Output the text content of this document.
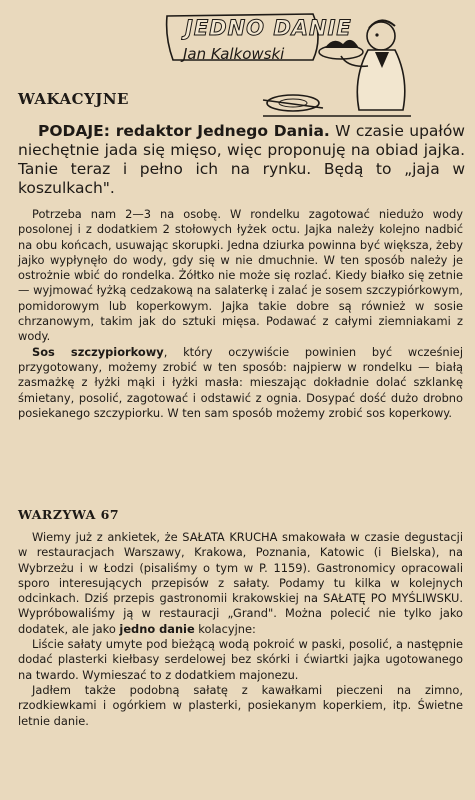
JEDNO DANIE
Jan Kalkowski
WAKACYJNE
PODAJE: redaktor Jednego Dania. W czasie upałów niechętnie jada się mięso, więc proponuję na obiad jajka. Tanie teraz i pełno ich na rynku. Będą to „jaja w koszulkach".

Potrzeba nam 2—3 na osobę. W rondelku zagotować niedużo wody posolonej i z dodatkiem 2 stołowych łyżek octu. Jajka należy kolejno nadbić na obu końcach, usuwając skorupki. Jedna dziurka powinna być większa, żeby jajko wypłynęło do wody, gdy się w nie dmuchnie. W ten sposób należy je ostrożnie wbić do rondelka. Żółtko nie może się rozlać. Kiedy białko się zetnie — wyjmować łyżką cedzakową na salaterkę i zalać je sosem szczypiórkowym, pomidorowym lub koperkowym. Jajka takie dobre są również w sosie chrzanowym, takim jak do sztuki mięsa. Podawać z całymi ziemniakami z wody.

Sos szczypiorkowy, który oczywiście powinien być wcześniej przygotowany, możemy zrobić w ten sposób: najpierw w rondelku — białą zasmażkę z łyżki mąki i łyżki masła: mieszając dokładnie dolać szklankę śmietany, posolić, zagotować i odstawić z ognia. Dosypać dość dużo drobno posiekanego szczypiorku. W ten sam sposób możemy zrobić sos koperkowy.

WARZYWA 67

Wiemy już z ankietek, że SAŁATA KRUCHA smakowała w czasie degustacji w restauracjach Warszawy, Krakowa, Poznania, Katowic (i Bielska), na Wybrzeżu i w Łodzi (pisaliśmy o tym w P. 1159). Gastronomicy opracowali sporo interesujących przepisów z sałaty. Podamy tu kilka w kolejnych odcinkach. Dziś przepis gastronomii krakowskiej na SAŁATĘ PO MYŚLIWSKU. Wypróbowaliśmy ją w restauracji „Grand". Można polecić nie tylko jako dodatek, ale jako jedno danie kolacyjne:

Liście sałaty umyte pod bieżącą wodą pokroić w paski, posolić, a następnie dodać plasterki kiełbasy serdelowej bez skórki i ćwiartki jajka ugotowanego na twardo. Wymieszać to z dodatkiem majonezu.

Jadłem także podobną sałatę z kawałkami pieczeni na zimno, rzodkiewkami i ogórkiem w plasterki, posiekanym koperkiem, itp. Świetne letnie danie.
